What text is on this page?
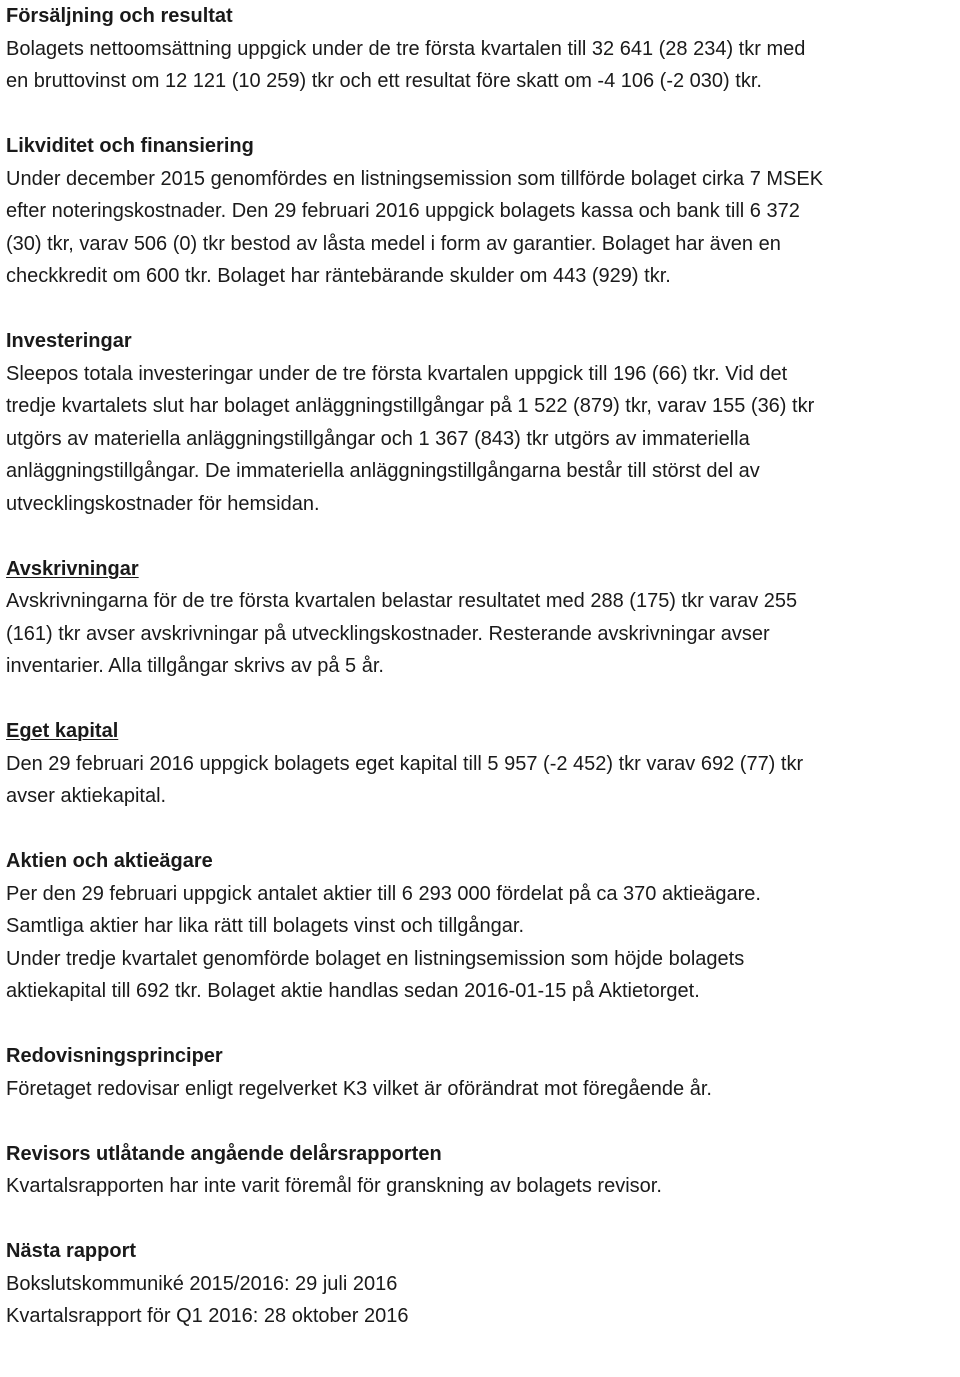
Försäljning och resultat

Bolagets nettoomsättning uppgick under de tre första kvartalen till 32 641 (28 234) tkr med
en bruttovinst om 12 121 (10 259) tkr och ett resultat före skatt om -4 106 (-2 030) tkr.

Likviditet och finansiering

Under december 2015 genomfördes en listningsemission som tillförde bolaget cirka 7 MSEK
efter noteringskostnader. Den 29 februari 2016 uppgick bolagets kassa och bank till 6 372
(30) tkr, varav 506 (0) tkr bestod av låsta medel i form av garantier. Bolaget har även en
checkkredit om 600 tkr. Bolaget har räntebärande skulder om 443 (929) tkr.

Investeringar

Sleepos totala investeringar under de tre första kvartalen uppgick till 196 (66) tkr. Vid det
tredje kvartalets slut har bolaget anläggningstillgångar på 1 522 (879) tkr, varav 155 (36) tkr
utgörs av materiella anläggningstillgångar och 1 367 (843) tkr utgörs av immateriella
anläggningstillgångar. De immateriella anläggningstillgångarna består till störst del av
utvecklingskostnader för hemsidan.

Avskrivningar

Avskrivningarna för de tre första kvartalen belastar resultatet med 288 (175) tkr varav 255
(161) tkr avser avskrivningar på utvecklingskostnader. Resterande avskrivningar avser
inventarier. Alla tillgångar skrivs av på 5 år.

Eget kapital

Den 29 februari 2016 uppgick bolagets eget kapital till 5 957 (-2 452) tkr varav 692 (77) tkr
avser aktiekapital.

Aktien och aktieägare

Per den 29 februari uppgick antalet aktier till 6 293 000 fördelat på ca 370 aktieägare.
Samtliga aktier har lika rätt till bolagets vinst och tillgångar.
Under tredje kvartalet genomförde bolaget en listningsemission som höjde bolagets
aktiekapital till 692 tkr. Bolaget aktie handlas sedan 2016-01-15 på Aktietorget.

Redovisningsprinciper

Företaget redovisar enligt regelverket K3 vilket är oförändrat mot föregående år.

Revisors utlåtande angående delårsrapporten

Kvartalsrapporten har inte varit föremål för granskning av bolagets revisor.

Nästa rapport

Bokslutskommuniké 2015/2016: 29 juli 2016
Kvartalsrapport för Q1 2016: 28 oktober 2016
